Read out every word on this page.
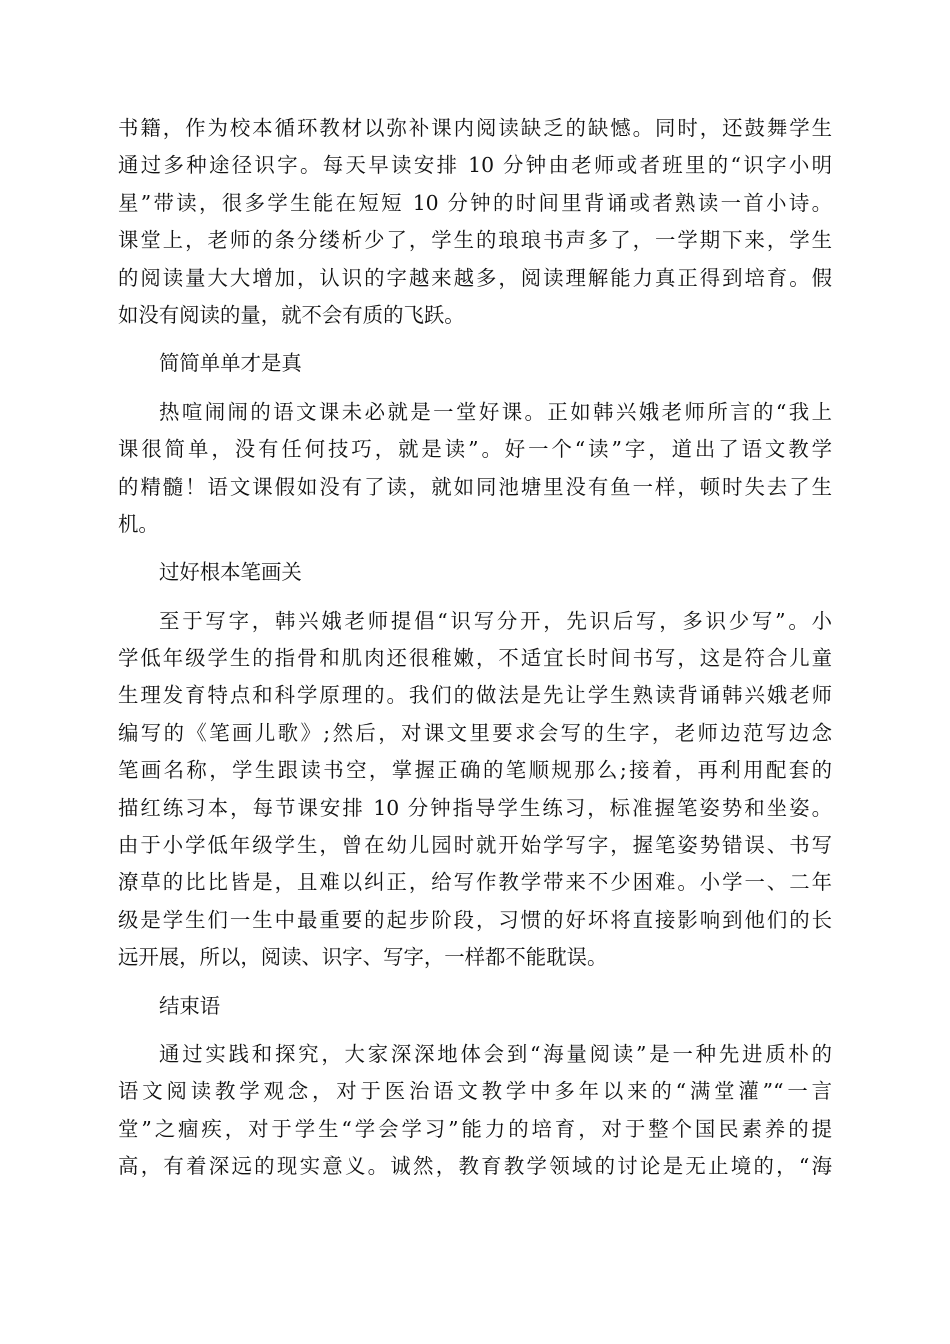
书籍，作为校本循环教材以弥补课内阅读缺乏的缺憾。同时，还鼓舞学生
通过多种途径识字。每天早读安排 10 分钟由老师或者班里的“识字小明
星”带读，很多学生能在短短 10 分钟的时间里背诵或者熟读一首小诗。
课堂上，老师的条分缕析少了，学生的琅琅书声多了，一学期下来，学生
的阅读量大大增加，认识的字越来越多，阅读理解能力真正得到培育。假
如没有阅读的量，就不会有质的飞跃。
简简单单才是真
热喧闹闹的语文课未必就是一堂好课。正如韩兴娥老师所言的“我上
课很简单，没有任何技巧，就是读”。好一个“读”字，道出了语文教学
的精髓！语文课假如没有了读，就如同池塘里没有鱼一样，顿时失去了生
机。
过好根本笔画关
至于写字，韩兴娥老师提倡“识写分开，先识后写，多识少写”。小
学低年级学生的指骨和肌肉还很稚嫩，不适宜长时间书写，这是符合儿童
生理发育特点和科学原理的。我们的做法是先让学生熟读背诵韩兴娥老师
编写的《笔画儿歌》;然后，对课文里要求会写的生字，老师边范写边念
笔画名称，学生跟读书空，掌握正确的笔顺规那么;接着，再利用配套的
描红练习本，每节课安排 10 分钟指导学生练习，标准握笔姿势和坐姿。
由于小学低年级学生，曾在幼儿园时就开始学写字，握笔姿势错误、书写
潦草的比比皆是，且难以纠正，给写作教学带来不少困难。小学一、二年
级是学生们一生中最重要的起步阶段，习惯的好坏将直接影响到他们的长
远开展，所以，阅读、识字、写字，一样都不能耽误。
结束语
通过实践和探究，大家深深地体会到“海量阅读”是一种先进质朴的
语文阅读教学观念，对于医治语文教学中多年以来的“满堂灌”“一言
堂”之痼疾，对于学生“学会学习”能力的培育，对于整个国民素养的提
高，有着深远的现实意义。诚然，教育教学领域的讨论是无止境的，“海
